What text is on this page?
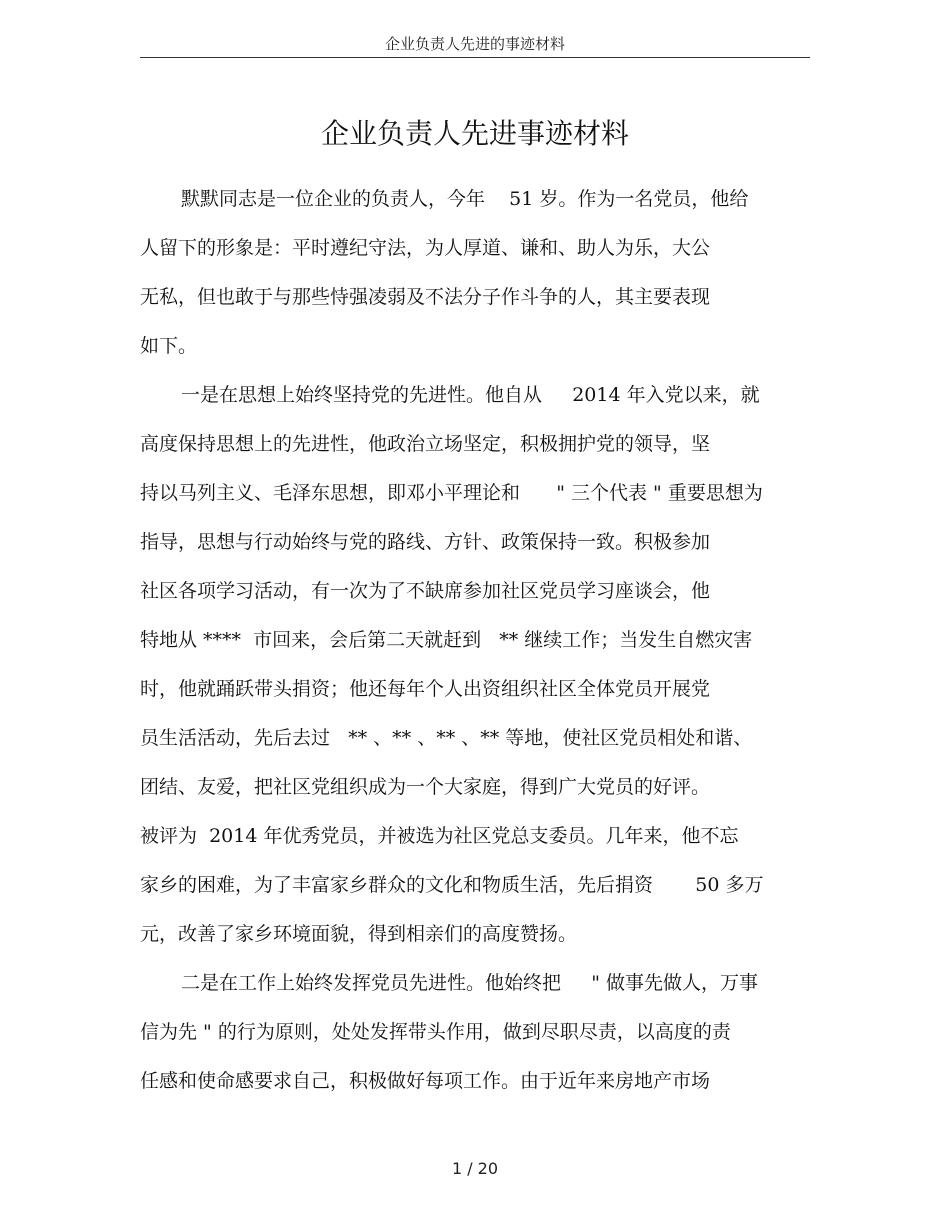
企业负责人先进的事迹材料
企业负责人先进事迹材料
默默同志是一位企业的负责人，今年    51 岁。作为一名党员，他给
人留下的形象是：平时遵纪守法，为人厚道、谦和、助人为乐，大公
无私，但也敢于与那些恃强凌弱及不法分子作斗争的人，其主要表现
如下。
一是在思想上始终坚持党的先进性。他自从     2014 年入党以来，就
高度保持思想上的先进性，他政治立场坚定，积极拥护党的领导，坚
持以马列主义、毛泽东思想，即邓小平理论和      " 三个代表 " 重要思想为
指导，思想与行动始终与党的路线、方针、政策保持一致。积极参加
社区各项学习活动，有一次为了不缺席参加社区党员学习座谈会，他
特地从 ****  市回来，会后第二天就赶到   ** 继续工作；当发生自燃灾害
时，他就踊跃带头捐资；他还每年个人出资组织社区全体党员开展党
员生活活动，先后去过   ** 、** 、** 、** 等地，使社区党员相处和谐、
团结、友爱，把社区党组织成为一个大家庭，得到广大党员的好评。
被评为  2014 年优秀党员，并被选为社区党总支委员。几年来，他不忘
家乡的困难，为了丰富家乡群众的文化和物质生活，先后捐资       50 多万
元，改善了家乡环境面貌，得到相亲们的高度赞扬。
二是在工作上始终发挥党员先进性。他始终把     " 做事先做人，万事
信为先 " 的行为原则，处处发挥带头作用，做到尽职尽责，以高度的责
任感和使命感要求自己，积极做好每项工作。由于近年来房地产市场
1 / 20
